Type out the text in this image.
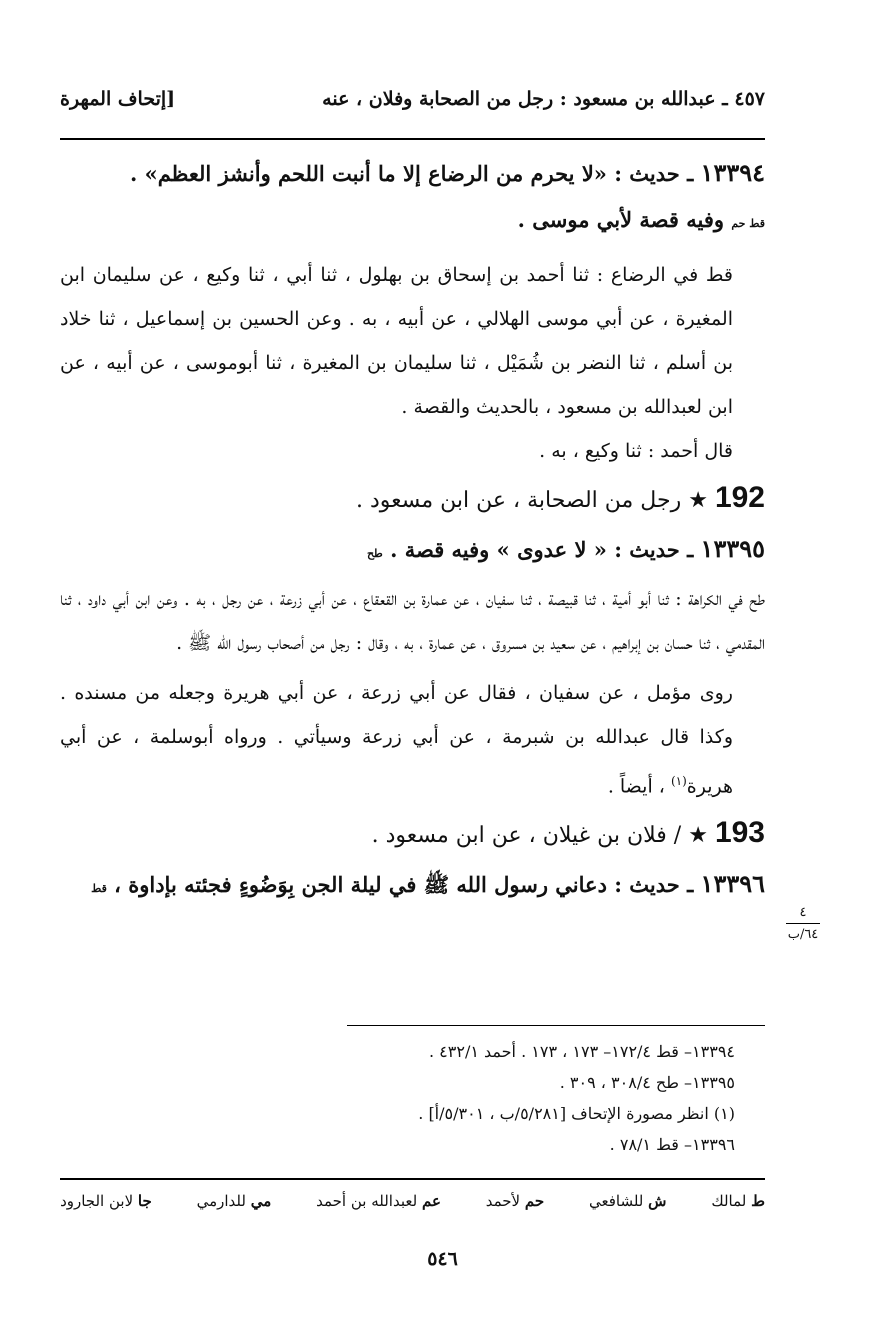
٤٥٧ ـ عبدالله بن مسعود : رجل من الصحابة وفلان ، عنه
[إتحاف المهرة

١٣٣٩٤ ـ حديث : «لا يحرم من الرضاع إلا ما أنبت اللحم وأنشز العظم» .

قط حم وفيه قصة لأبي موسى .

قط في الرضاع : ثنا أحمد بن إسحاق بن بهلول ، ثنا أبي ، ثنا وكيع ، عن سليمان ابن المغيرة ، عن أبي موسى الهلالي ، عن أبيه ، به . وعن الحسين بن إسماعيل ، ثنا خلاد بن أسلم ، ثنا النضر بن شُمَيْل ، ثنا سليمان بن المغيرة ، ثنا أبوموسى ، عن أبيه ، عن ابن لعبدالله بن مسعود ، بالحديث والقصة .

قال أحمد : ثنا وكيع ، به .

192 ★ رجل من الصحابة ، عن ابن مسعود .

١٣٣٩٥ ـ حديث : « لا عدوى » وفيه قصة . طح

طح في الكراهة : ثنا أبو أمية ، ثنا قبيصة ، ثنا سفيان ، عن عمارة بن القعقاع ، عن أبي زرعة ، عن رجل ، به . وعن ابن أبي داود ، ثنا المقدمي ، ثنا حسان بن إبراهيم ، عن سعيد بن مسروق ، عن عمارة ، به ، وقال : رجل من أصحاب رسول الله ﷺ .

روى مؤمل ، عن سفيان ، فقال عن أبي زرعة ، عن أبي هريرة وجعله من مسنده . وكذا قال عبدالله بن شبرمة ، عن أبي زرعة وسيأتي . ورواه أبوسلمة ، عن أبي هريرة$^{(١)}$ ، أيضاً .

193 ★ / فلان بن غيلان ، عن ابن مسعود .

١٣٣٩٦ ـ حديث : دعاني رسول الله ﷺ في ليلة الجن بِوَضُوءٍ فجئته بإداوة ، قط

٤
٦٤/ب

١٣٣٩٤– قط ١٧٢/٤– ١٧٣ ، ١٧٣ . أحمد ٤٣٢/١ .

١٣٣٩٥– طح ٣٠٨/٤ ، ٣٠٩ .

(١) انظر مصورة الإتحاف [٥/٢٨١/ب ، ٥/٣٠١/أ] .

١٣٣٩٦– قط ٧٨/١ .

ط لمالك
ش للشافعي
حم لأحمد
عم لعبدالله بن أحمد
مي للدارمي
جا لابن الجارود
٥٤٦
